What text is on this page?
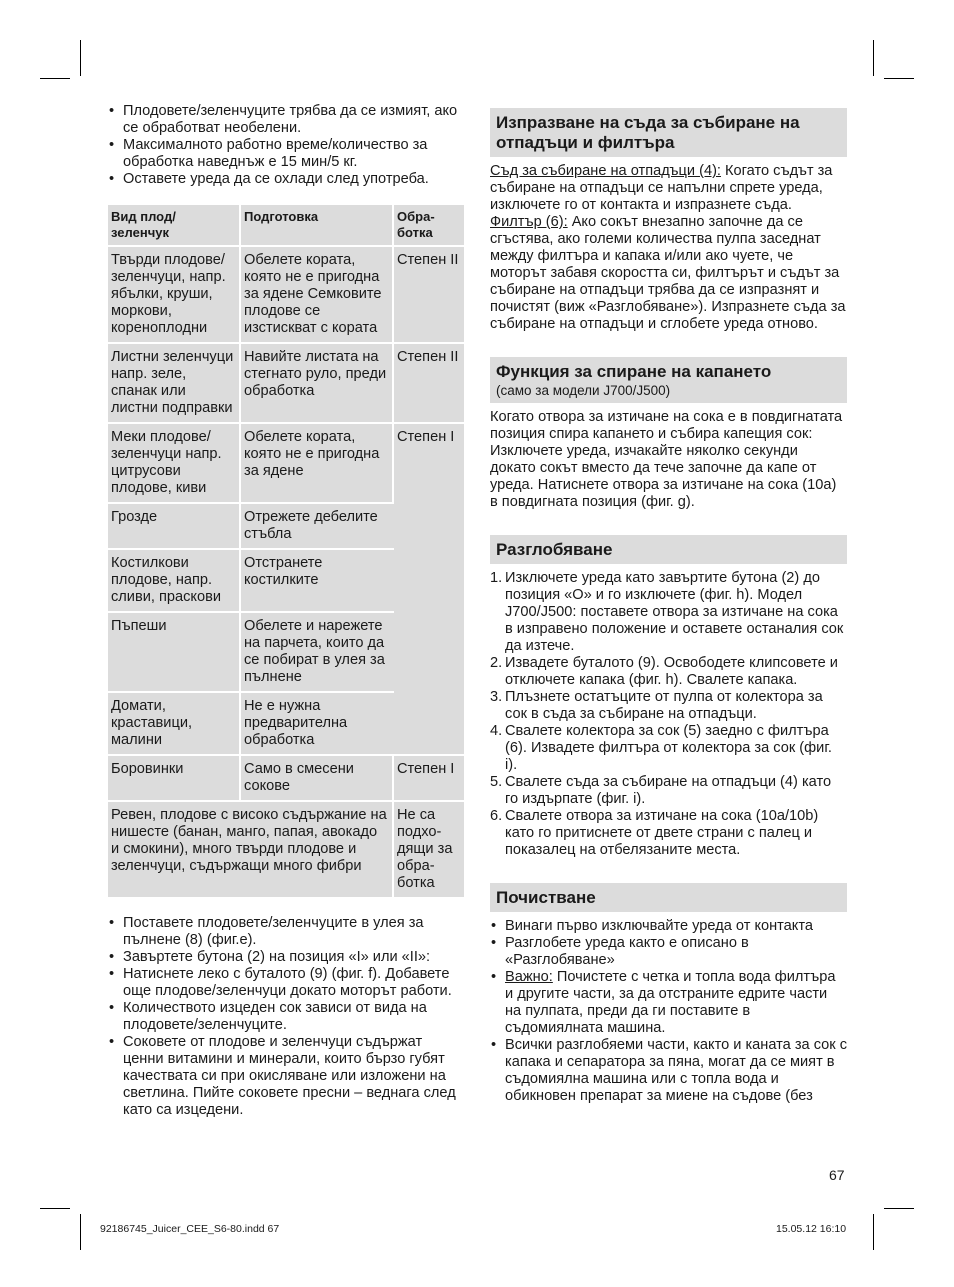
• Плодовете/зеленчуците трябва да се измият, ако се обработват необелени.
• Максималното работно време/количество за обработка наведнъж е 15 мин/5 кг.
• Оставете уреда да се охлади след употреба.
Вид плод/ зеленчук	Подготовка	Обра-ботка
Твърди плодове/ зеленчуци, напр. ябълки, круши, моркови, кореноплодни	Обелете кората, която не е пригодна за ядене Семковите плодове се изстискват с кората	Степен II
Листни зеленчуци напр. зеле, спанак или листни подправки	Навийте листата на стегнато руло, преди обработка	Степен II
Меки плодове/ зеленчуци напр. цитрусови плодове, киви	Обелете кората, която не е пригодна за ядене	Степен I
Грозде	Отрежете дебелите стъбла	
Костилкови плодове, напр. сливи, праскови	Отстранете костилките	
Пъпеши	Обелете и нарежете на парчета, които да се побират в улея за пълнене	
Домати, краставици, малини	Не е нужна предварителна обработка	
Боровинки	Само в смесени сокове	Степен I
Ревен, плодове с високо съдържание на нишесте (банан, манго, папая, авокадо и смокини), много твърди плодове и зеленчуци, съдържащи много фибри		Не са подхо-дящи за обра-ботка
• Поставете плодовете/зеленчуците в улея за пълнене (8) (фиг.e).
• Завъртете бутона (2) на позиция «I» или «II»:
• Натиснете леко с буталото (9) (фиг. f). Добавете още плодове/зеленчуци докато моторът работи.
• Количеството изцеден сок зависи от вида на плодовете/зеленчуците.
• Соковете от плодове и зеленчуци съдържат ценни витамини и минерали, които бързо губят качествата си при окисляване или изложени на светлина. Пийте соковете пресни – веднага след като са изцедени.
Изпразване на съда за събиране на отпадъци и филтъра

Съд за събиране на отпадъци (4): Когато съдът за събиране на отпадъци се напълни спрете уреда, изключете го от контакта и изпразнете съда.

Филтър (6): Ако сокът внезапно започне да се сгъстява, ако големи количества пулпа заседнат между филтъра и капака и/или ако чуете, че моторът забавя скоростта си, филтърът и съдът за събиране на отпадъци трябва да се изпразнят и почистят (виж «Разглобяване»). Изпразнете съда за събиране на отпадъци и сглобете уреда отново.

Функция за спиране на капането
(само за модели J700/J500)

Когато отвора за изтичане на сока е в повдигнатата позиция спира капането и събира капещия сок:

Изключете уреда, изчакайте няколко секунди докато сокът вместо да тече започне да капе от уреда. Натиснете отвора за изтичане на сока (10a) в повдигната позиция (фиг. g).

Разглобяване
1. Изключете уреда като завъртите бутона (2) до позиция «O» и го изключете (фиг. h). Модел J700/J500: поставете отвора за изтичане на сока в изправено положение и оставете останалия сок да изтече.
2. Извадете буталото (9). Освободете клипсовете и отключете капака (фиг. h). Свалете капака.
3. Плъзнете остатъците от пулпа от колектора за сок в съда за събиране на отпадъци.
4. Свалете колектора за сок (5) заедно с филтъра (6). Извадете филтъра от колектора за сок (фиг. i).
5. Свалете съда за събиране на отпадъци (4) като го издърпате (фиг. i).
6. Свалете отвора за изтичане на сока (10a/10b) като го притиснете от двете страни с палец и показалец на отбелязаните места.
Почистване
• Винаги първо изключвайте уреда от контакта
• Разглобете уреда както е описано в «Разглобяване»
• Важно: Почистете с четка и топла вода филтъра и другите части, за да отстраните едрите части на пулпата, преди да ги поставите в съдомиялната машина.
• Всички разглобяеми части, както и каната за сок с капака и сепаратора за пяна, могат да се мият в съдомиялна машина или с топла вода и обикновен препарат за миене на съдове (без
67
92186745_Juicer_CEE_S6-80.indd 67	15.05.12 16:10
